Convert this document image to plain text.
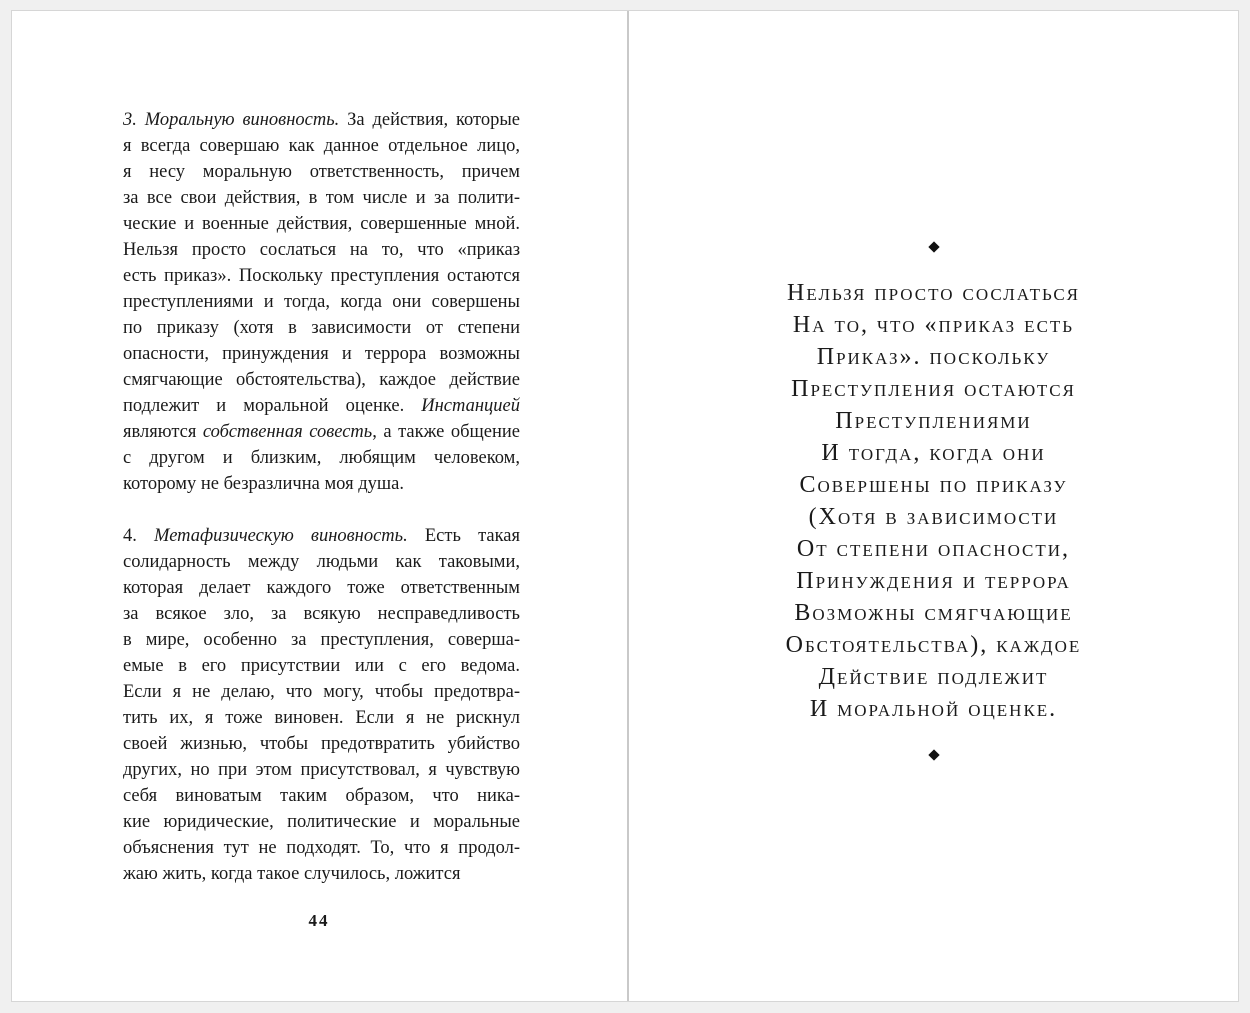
3. Моральную виновность. За действия, которые
я всегда совершаю как данное отдельное лицо,
я несу моральную ответственность, причем
за все свои действия, в том числе и за полити-
ческие и военные действия, совершенные мной.
Нельзя просто сослаться на то, что «приказ
есть приказ». Поскольку преступления остаются
преступлениями и тогда, когда они совершены
по приказу (хотя в зависимости от степени
опасности, принуждения и террора возможны
смягчающие обстоятельства), каждое действие
подлежит и моральной оценке. Инстанцией
являются собственная совесть, а также общение
с другом и близким, любящим человеком,
которому не безразлична моя душа.
4. Метафизическую виновность. Есть такая
солидарность между людьми как таковыми,
которая делает каждого тоже ответственным
за всякое зло, за всякую несправедливость
в мире, особенно за преступления, соверша-
емые в его присутствии или с его ведома.
Если я не делаю, что могу, чтобы предотвра-
тить их, я тоже виновен. Если я не рискнул
своей жизнью, чтобы предотвратить убийство
других, но при этом присутствовал, я чувствую
себя виноватым таким образом, что ника-
кие юридические, политические и моральные
объяснения тут не подходят. То, что я продол-
жаю жить, когда такое случилось, ложится
44
Нельзя просто сослаться
На то, что «приказ есть
Приказ». поскольку
Преступления остаются
Преступлениями
И тогда, когда они
Совершены по приказу
(Хотя в зависимости
От степени опасности,
Принуждения и террора
Возможны смягчающие
Обстоятельства), каждое
Действие подлежит
И моральной оценке.
